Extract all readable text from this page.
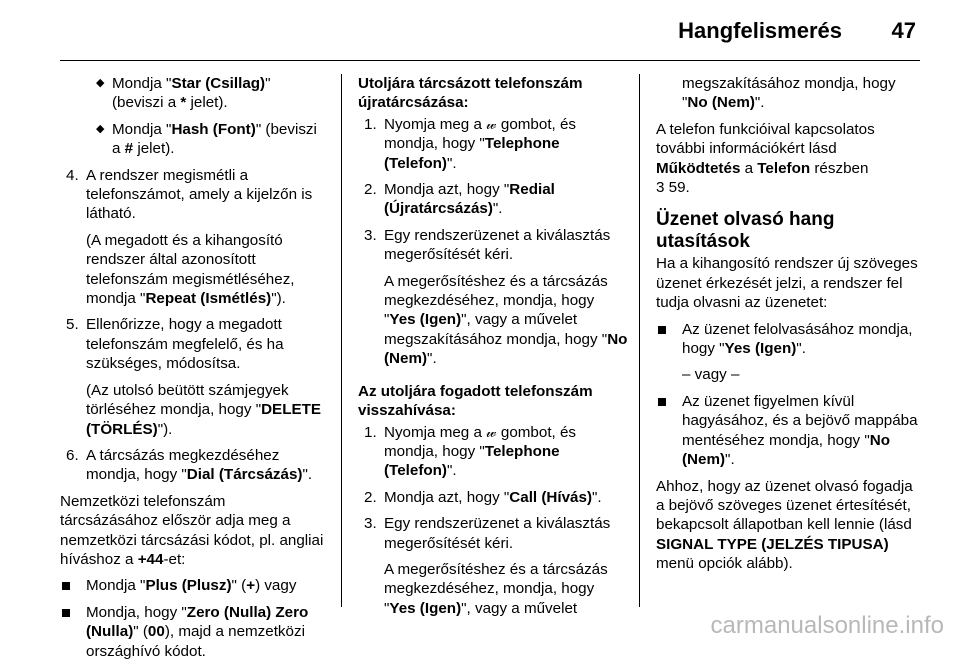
Hangfelismerés 47
◆ Mondja "Star (Csillag)" (beviszi a * jelet).
◆ Mondja "Hash (Font)" (beviszi a # jelet).
4. A rendszer megismétli a telefonszámot, amely a kijelzőn is látható.
(A megadott és a kihangosító rendszer által azonosított telefonszám megismétléséhez, mondja "Repeat (Ismétlés)").
5. Ellenőrizze, hogy a megadott telefonszám megfelelő, és ha szükséges, módosítsa.
(Az utolsó beütött számjegyek törléséhez mondja, hogy "DELETE (TÖRLÉS)").
6. A tárcsázás megkezdéséhez mondja, hogy "Dial (Tárcsázás)".

Nemzetközi telefonszám tárcsázásához először adja meg a nemzetközi tárcsázási kódot, pl. angliai híváshoz a +44-et:

Mondja "Plus (Plusz)" (+) vagy
Mondja, hogy "Zero (Nulla) Zero (Nulla)" (00), majd a nemzetközi országhívó kódot.
Utoljára tárcsázott telefonszám újratárcsázása:
1. Nyomja meg a 𝓌 gombot, és mondja, hogy "Telephone (Telefon)".
2. Mondja azt, hogy "Redial (Újratárcsázás)".
3. Egy rendszerüzenet a kiválasztás megerősítését kéri.
A megerősítéshez és a tárcsázás megkezdéséhez, mondja, hogy "Yes (Igen)", vagy a művelet megszakításához mondja, hogy "No (Nem)".
Az utoljára fogadott telefonszám visszahívása:
1. Nyomja meg a 𝓌 gombot, és mondja, hogy "Telephone (Telefon)".
2. Mondja azt, hogy "Call (Hívás)".
3. Egy rendszerüzenet a kiválasztás megerősítését kéri.
A megerősítéshez és a tárcsázás megkezdéséhez, mondja, hogy "Yes (Igen)", vagy a művelet
megszakításához mondja, hogy "No (Nem)".

A telefon funkcióival kapcsolatos további információkért lásd Működtetés a Telefon részben
3 59.

Üzenet olvasó hang utasítások

Ha a kihangosító rendszer új szöveges üzenet érkezését jelzi, a rendszer fel tudja olvasni az üzenetet:

Az üzenet felolvasásához mondja, hogy "Yes (Igen)".
– vagy –
Az üzenet figyelmen kívül hagyásához, és a bejövő mappába mentéséhez mondja, hogy "No (Nem)".

Ahhoz, hogy az üzenet olvasó fogadja a bejövő szöveges üzenet értesítését, bekapcsolt állapotban kell lennie (lásd SIGNAL TYPE (JELZÉS TIPUSA) menü opciók alább).

carmanualsonline.info
